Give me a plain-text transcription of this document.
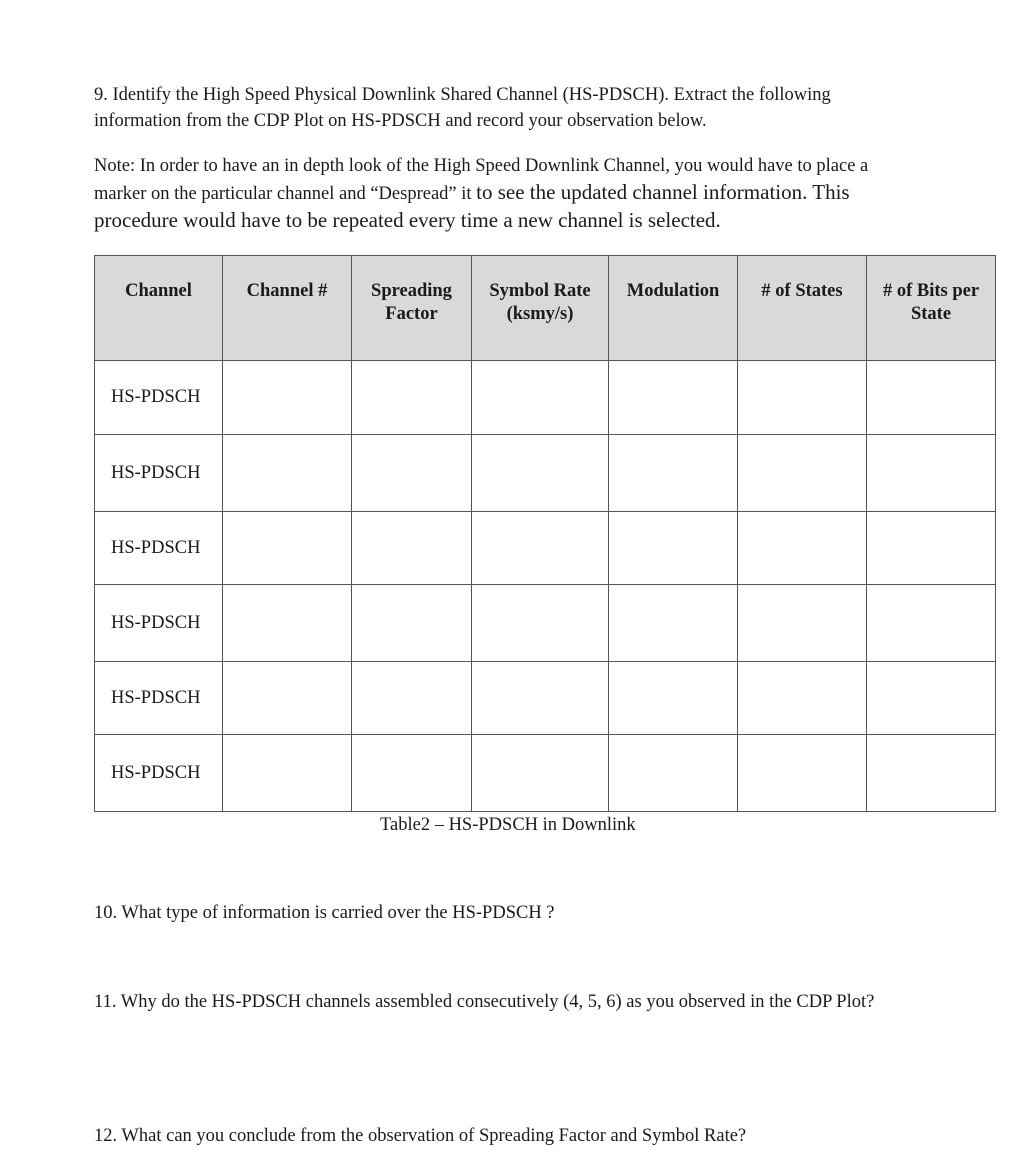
9. Identify the High Speed Physical Downlink Shared Channel (HS-PDSCH). Extract the following
information from the CDP Plot on HS-PDSCH and record your observation below.

Note: In order to have an in depth look of the High Speed Downlink Channel, you would have to place a
marker on the particular channel and “Despread” it to see the updated channel information. This
procedure would have to be repeated every time a new channel is selected.

Channel	Channel #	Spreading
Factor	Symbol Rate
(ksmy/s)	Modulation	# of States	# of Bits per
State
HS-PDSCH						
HS-PDSCH						
HS-PDSCH						
HS-PDSCH						
HS-PDSCH						
HS-PDSCH						
Table2 – HS-PDSCH in Downlink

10. What type of information is carried over the HS-PDSCH ?

11. Why do the HS-PDSCH channels assembled consecutively (4, 5, 6) as you observed in the CDP Plot?

12. What can you conclude from the observation of Spreading Factor and Symbol Rate?
